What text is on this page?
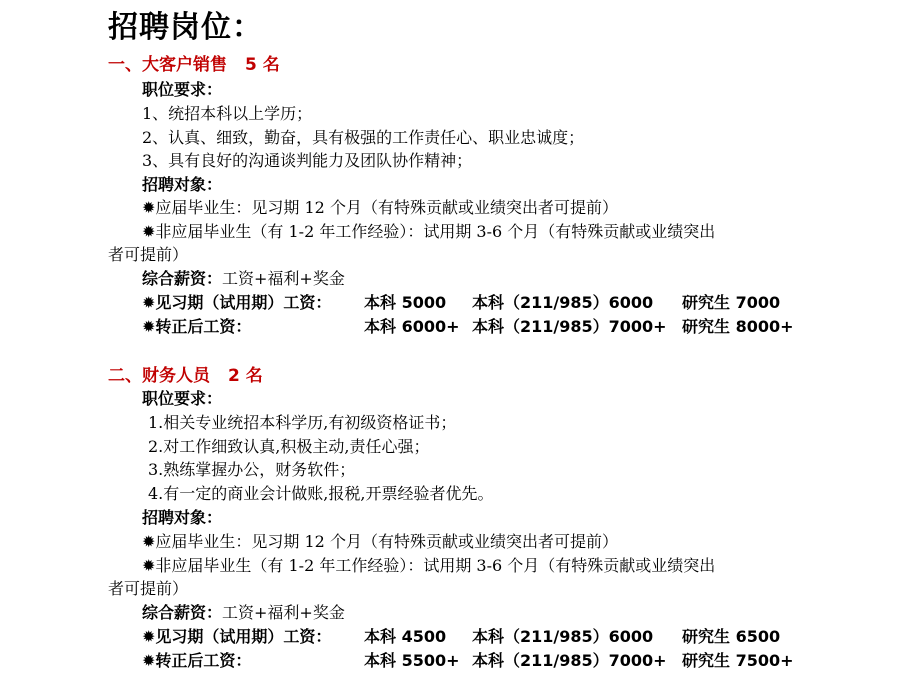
招聘岗位：
一、大客户销售 5 名
职位要求：
1、统招本科以上学历；
2、认真、细致，勤奋，具有极强的工作责任心、职业忠诚度；
3、具有良好的沟通谈判能力及团队协作精神；
招聘对象：
✹应届毕业生：见习期 12 个月（有特殊贡献或业绩突出者可提前）
✹非应届毕业生（有 1-2 年工作经验）：试用期 3-6 个月（有特殊贡献或业绩突出
者可提前）
综合薪资：工资+福利+奖金
✹见习期（试用期）工资： 本科 5000 本科（211/985）6000 研究生 7000
✹转正后工资：	本科 6000+ 本科（211/985）7000+ 研究生 8000+
二、财务人员 2 名
职位要求：
1.相关专业统招本科学历,有初级资格证书；
2.对工作细致认真,积极主动,责任心强；
3.熟练掌握办公，财务软件；
4.有一定的商业会计做账,报税,开票经验者优先。
招聘对象：
✹应届毕业生：见习期 12 个月（有特殊贡献或业绩突出者可提前）
✹非应届毕业生（有 1-2 年工作经验）：试用期 3-6 个月（有特殊贡献或业绩突出
者可提前）
综合薪资：工资+福利+奖金
✹见习期（试用期）工资： 本科 4500 本科（211/985）6000 研究生 6500
✹转正后工资：	本科 5500+ 本科（211/985）7000+ 研究生 7500+
